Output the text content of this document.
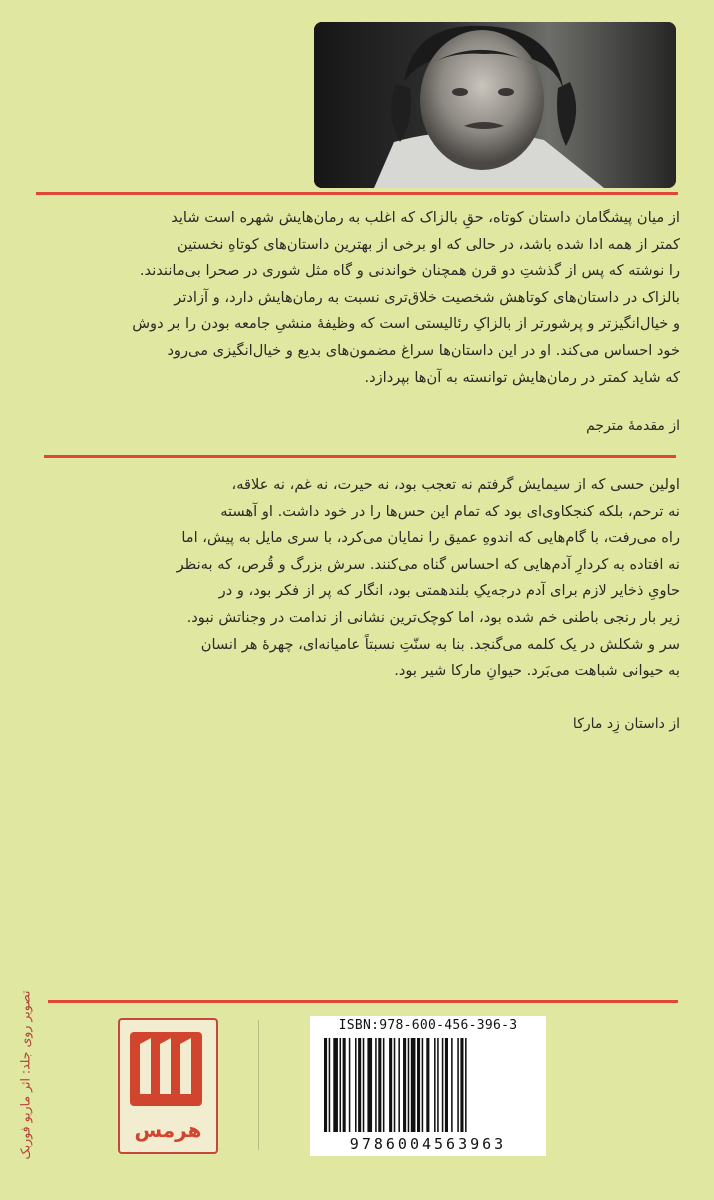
از میان پیشگامان داستان کوتاه، حقِ بالزاک که اغلب به رمان‌هایش شهره است شاید

کمتر از همه ادا شده باشد، در حالی که او برخی از بهترین داستان‌های کوتاهِ نخستین

را نوشته که پس از گذشتِ دو قرن همچنان خواندنی و گاه مثل شوری در صحرا بی‌مانندند.

بالزاک در داستان‌های کوتاهش شخصیت خلاق‌تری نسبت به رمان‌هایش دارد، و آزادتر

و خیال‌انگیزتر و پرشورتر از بالزاکِ رئالیستی است که وظیفهٔ منشیِ جامعه بودن را بر دوش

خود احساس می‌کند. او در این داستان‌ها سراغ مضمون‌های بدیع و خیال‌انگیزی می‌رود

که شاید کمتر در رمان‌هایش توانسته به آن‌ها بپردازد.

از مقدمهٔ مترجم

اولین حسی که از سیمایش گرفتم نه تعجب بود، نه حیرت، نه غم، نه علاقه،

نه ترحم، بلکه کنجکاوی‌ای بود که تمام این حس‌ها را در خود داشت. او آهسته

راه می‌رفت، با گام‌هایی که اندوهِ عمیق را نمایان می‌کرد، با سری مایل به پیش، اما

نه افتاده به کردارِ آدم‌هایی که احساس گناه می‌کنند. سرش بزرگ و قُرص، که به‌نظر

حاویِ ذخایر لازم برای آدم درجه‌یکِ بلندهمتی بود، انگار که پر از فکر بود، و در

زیر بار رنجی باطنی خم شده بود، اما کوچک‌ترین نشانی از ندامت در وجناتش نبود.

سر و شکلش در یک کلمه می‌گنجد. بنا به سنّتِ نسبتاً عامیانه‌ای، چهرهٔ هر انسان

به حیوانی شباهت می‌بَرد. حیوانِ مارکا شیر بود.

از داستان زِد مارکا
تصویر روی جلد: اثر ماریو فوربک	هرمس
ISBN:978-600-456-396-3
9786004563963
